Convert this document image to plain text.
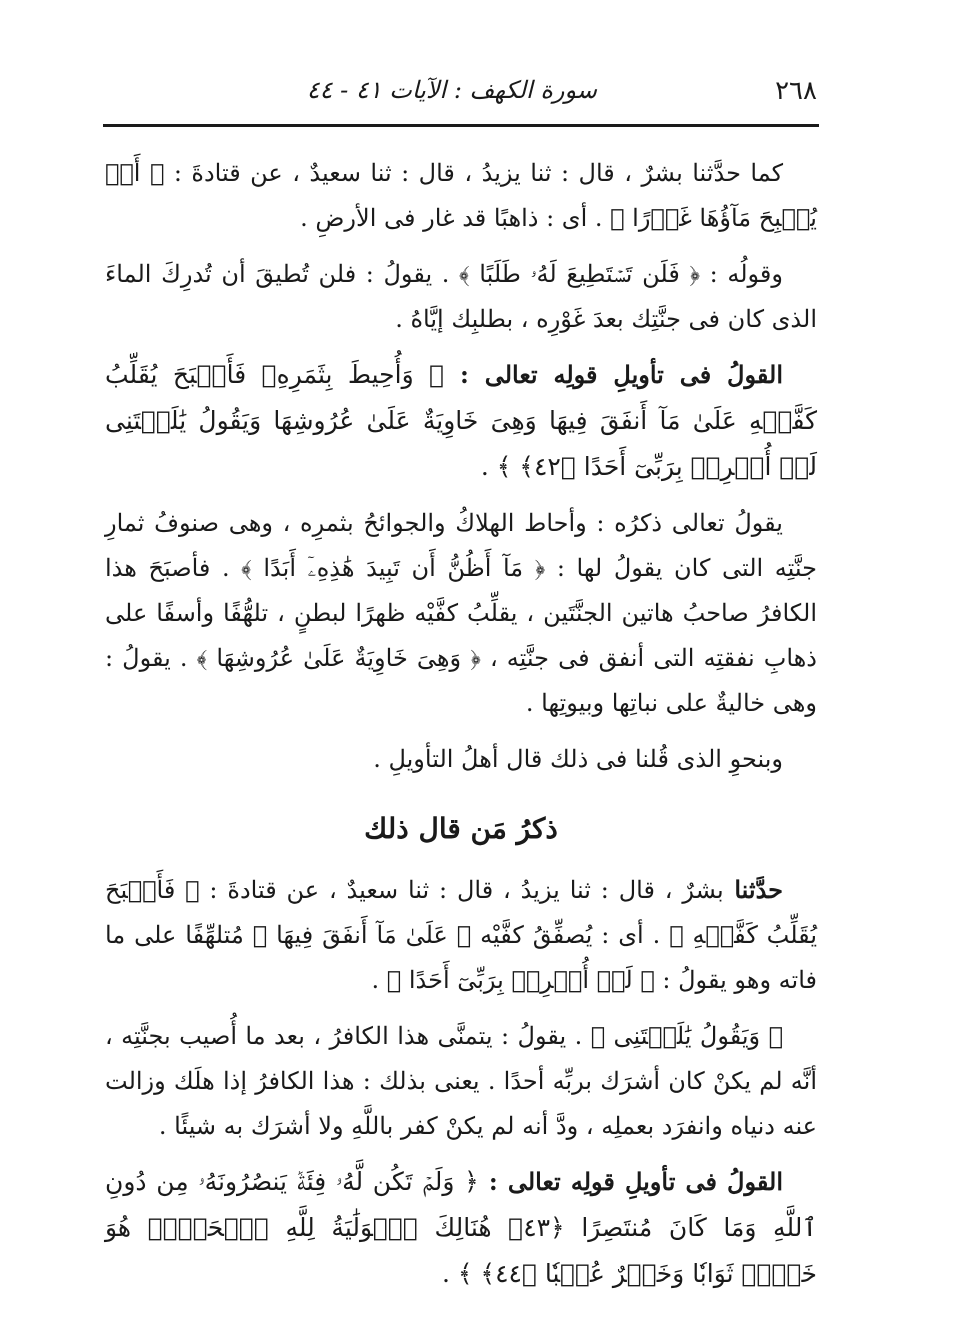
٢٦٨
سورة الكهف : الآيات ٤١ - ٤٤

كما حدَّثنا بشرٌ ، قال : ثنا يزيدُ ، قال : ثنا سعيدٌ ، عن قتادةَ : ﴿ أَوۡ يُصۡبِحَ مَآؤُهَا غَوۡرًا ﴾ . أى : ذاهبًا قد غار فى الأرضِ .

وقولُه : ﴿ فَلَن تَسۡتَطِيعَ لَهُۥ طَلَبًا ﴾ . يقولُ : فلن تُطيقَ أن تُدرِكَ الماءَ الذى كان فى جنَّتِك بعدَ غَوْرِه ، بطلبِك إيَّاهُ .

القولُ فى تأويلِ قولِه تعالى : ﴿ وَأُحِيطَ بِثَمَرِهِۦ فَأَصۡبَحَ يُقَلِّبُ كَفَّيۡهِ عَلَىٰ مَآ أَنفَقَ فِيهَا وَهِىَ خَاوِيَةٌ عَلَىٰ عُرُوشِهَا وَيَقُولُ يَٰلَيۡتَنِى لَمۡ أُشۡرِكۡ بِرَبِّىٓ أَحَدًا ﴿٤٢﴾ ﴾ .

يقولُ تعالى ذكرُه : وأحاط الهلاكُ والجوائحُ بثمرِه ، وهى صنوفُ ثمارِ جنَّتِه التى كان يقولُ لها : ﴿ مَآ أَظُنُّ أَن تَبِيدَ هَٰذِهِۦٓ أَبَدًا ﴾ . فأصبَحَ هذا الكافرُ صاحبُ هاتين الجنَّتَين ، يقلِّبُ كفَّيْه ظهرًا لبطنٍ ، تلهُّفًا وأسفًا على ذهابِ نفقتِه التى أنفق فى جنَّتِه ، ﴿ وَهِىَ خَاوِيَةٌ عَلَىٰ عُرُوشِهَا ﴾ . يقولُ : وهى خاليةٌ على نباتِها وبيوتِها .

وبنحوِ الذى قُلنا فى ذلك قال أهلُ التأويلِ .

ذكرُ مَن قال ذلك

حدَّثنا بشرٌ ، قال : ثنا يزيدُ ، قال : ثنا سعيدٌ ، عن قتادةَ : ﴿ فَأَصۡبَحَ يُقَلِّبُ كَفَّيۡهِ ﴾ . أى : يُصفِّقُ كفَّيْه ﴿ عَلَىٰ مَآ أَنفَقَ فِيهَا ﴾ مُتلهِّفًا على ما فاته وهو يقولُ : ﴿ لَمۡ أُشۡرِكۡ بِرَبِّىٓ أَحَدًا ﴾ .

﴿ وَيَقُولُ يَٰلَيۡتَنِى ﴾ . يقولُ : يتمنَّى هذا الكافرُ ، بعد ما أُصيب بجنَّتِه ، أنَّه لم يكنْ كان أشرَك بربِّه أحدًا . يعنى بذلك : هذا الكافرُ إذا هلَك وزالت عنه دنياه وانفرَد بعملِه ، ودَّ أنه لم يكنْ كفر باللَّهِ ولا أشرَك به شيئًا .

القولُ فى تأويلِ قولِه تعالى : ﴿ وَلَمۡ تَكُن لَّهُۥ فِئَةٞ يَنصُرُونَهُۥ مِن دُونِ ٱللَّهِ وَمَا كَانَ مُنتَصِرًا ﴿٤٣﴾ هُنَالِكَ ٱلۡوَلَٰيَةُ لِلَّهِ ٱلۡحَقِّۚ هُوَ خَيۡرٞ ثَوَابٗا وَخَيۡرٌ عُقۡبٗا ﴿٤٤﴾ ﴾ .
